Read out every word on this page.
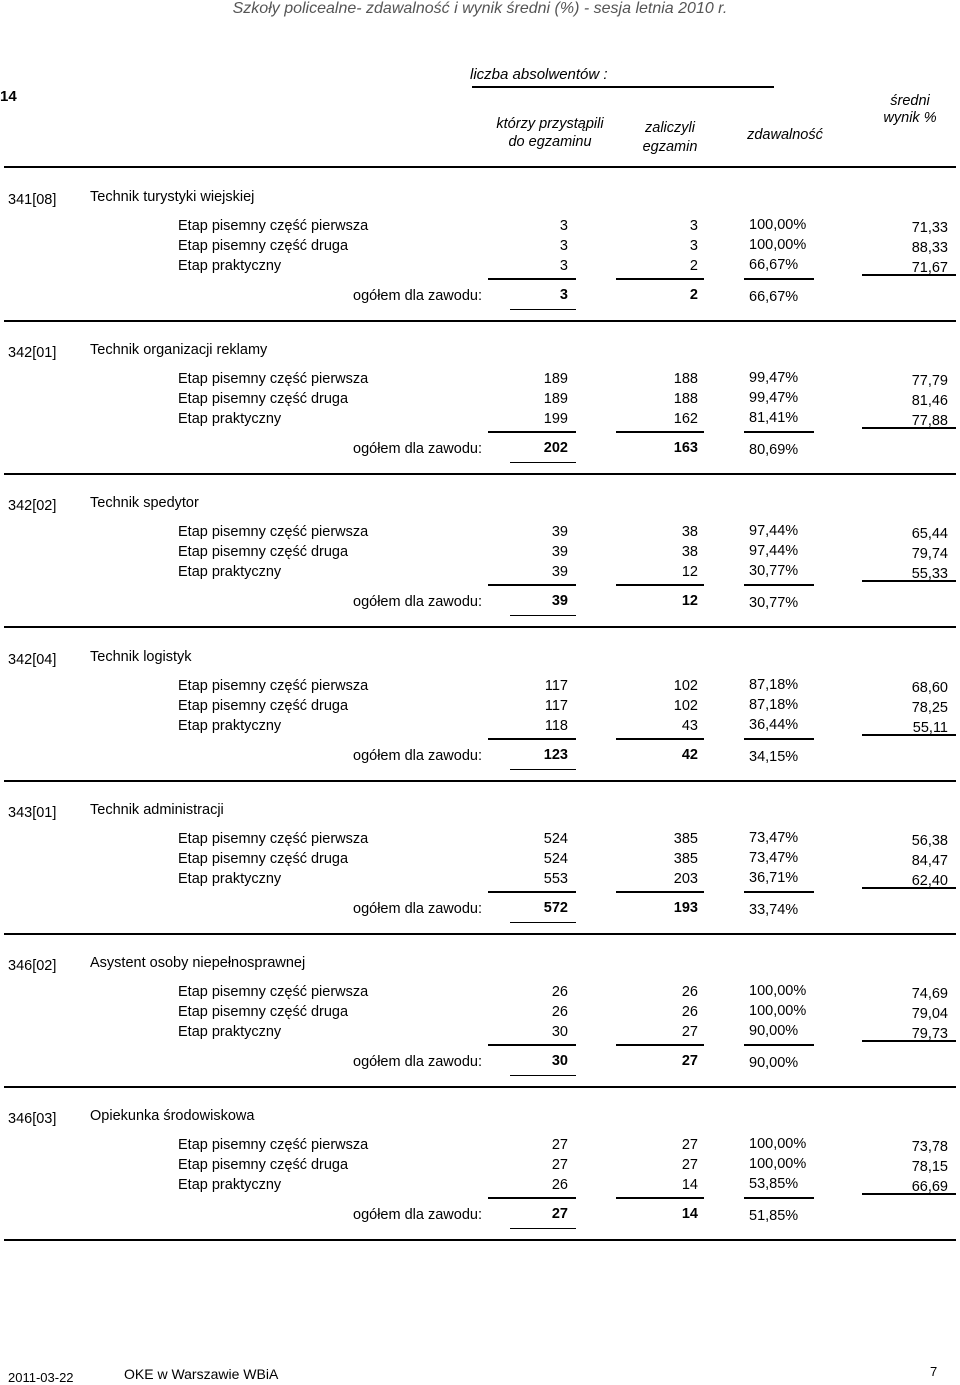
Szkoły policealne- zdawalność i wynik średni (%) - sesja letnia 2010 r.
14
liczba absolwentów :
którzy przystąpili
do egzaminu
zaliczyli
egzamin
zdawalność
średni
wynik %
341[08] Technik turystyki wiejskiej
Etap pisemny część pierwsza	3	3	100,00%	71,33
Etap pisemny część druga	3	3	100,00%	88,33
Etap praktyczny	3	2	66,67%	71,67
ogółem dla zawodu:	3	2	66,67%
342[01] Technik organizacji reklamy
Etap pisemny część pierwsza	189	188	99,47%	77,79
Etap pisemny część druga	189	188	99,47%	81,46
Etap praktyczny	199	162	81,41%	77,88
ogółem dla zawodu:	202	163	80,69%
342[02] Technik spedytor
Etap pisemny część pierwsza	39	38	97,44%	65,44
Etap pisemny część druga	39	38	97,44%	79,74
Etap praktyczny	39	12	30,77%	55,33
ogółem dla zawodu:	39	12	30,77%
342[04] Technik logistyk
Etap pisemny część pierwsza	117	102	87,18%	68,60
Etap pisemny część druga	117	102	87,18%	78,25
Etap praktyczny	118	43	36,44%	55,11
ogółem dla zawodu:	123	42	34,15%
343[01] Technik administracji
Etap pisemny część pierwsza	524	385	73,47%	56,38
Etap pisemny część druga	524	385	73,47%	84,47
Etap praktyczny	553	203	36,71%	62,40
ogółem dla zawodu:	572	193	33,74%
346[02] Asystent osoby niepełnosprawnej
Etap pisemny część pierwsza	26	26	100,00%	74,69
Etap pisemny część druga	26	26	100,00%	79,04
Etap praktyczny	30	27	90,00%	79,73
ogółem dla zawodu:	30	27	90,00%
346[03] Opiekunka środowiskowa
Etap pisemny część pierwsza	27	27	100,00%	73,78
Etap pisemny część druga	27	27	100,00%	78,15
Etap praktyczny	26	14	53,85%	66,69
ogółem dla zawodu:	27	14	51,85%
2011-03-22	OKE w Warszawie WBiA	7
